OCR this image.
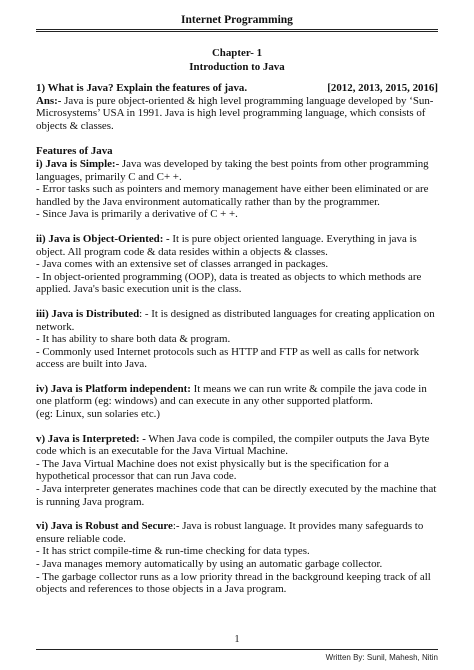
Internet Programming
Chapter- 1
Introduction to Java
1) What is Java? Explain the features of java.	[2012, 2013, 2015, 2016]

Ans:- Java is pure object-oriented & high level programming language developed by ‘Sun-Microsystems’ USA in 1991. Java is high level programming language, which consists of objects & classes.

Features of Java

i) Java is Simple:- Java was developed by taking the best points from other programming languages, primarily C and C+ +.

- Error tasks such as pointers and memory management have either been eliminated or are handled by the Java environment automatically rather than by the programmer.

- Since Java is primarily a derivative of C + +.

ii) Java is Object-Oriented: - It is pure object oriented language. Everything in java is object. All program code & data resides within a objects & classes.

- Java comes with an extensive set of classes arranged in packages.

- In object-oriented programming (OOP), data is treated as objects to which methods are applied. Java's basic execution unit is the class.

iii) Java is Distributed: - It is designed as distributed languages for creating application on network.

- It has ability to share both data & program.

- Commonly used Internet protocols such as HTTP and FTP as well as calls for network access are built into Java.

iv) Java is Platform independent: It means we can run write & compile the java code in one platform (eg: windows) and can execute in any other supported platform.

(eg: Linux, sun solaries etc.)

v) Java is Interpreted: - When Java code is compiled, the compiler outputs the Java Byte code which is an executable for the Java Virtual Machine.

- The Java Virtual Machine does not exist physically but is the specification for a hypothetical processor that can run Java code.

- Java interpreter generates machines code that can be directly executed by the machine that is running Java program.

vi) Java is Robust and Secure:- Java is robust language. It provides many safeguards to ensure reliable code.

- It has strict compile-time & run-time checking for data types.

- Java manages memory automatically by using an automatic garbage collector.

- The garbage collector runs as a low priority thread in the background keeping track of all objects and references to those objects in a Java program.

1
Written By: Sunil, Mahesh, Nitin
